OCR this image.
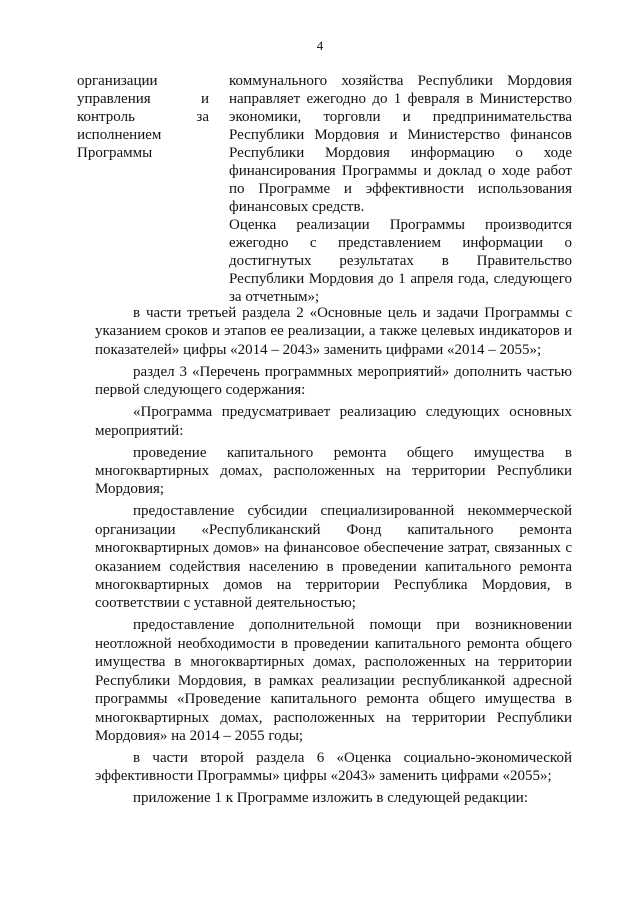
4
организации
управления	и
контроль	за
исполнением
Программы

коммунального хозяйства Республики Мордовия направляет ежегодно до 1 февраля в Министерство экономики, торговли и предпринимательства Республики Мордовия и Министерство финансов Республики Мордовия информацию о ходе финансирования Программы и доклад о ходе работ по Программе и эффективности использования финансовых средств.

Оценка реализации Программы производится ежегодно с представлением информации о достигнутых результатах в Правительство Республики Мордовия до 1 апреля года, следующего за отчетным»;

в части третьей раздела 2 «Основные цель и задачи Программы с указанием сроков и этапов ее реализации, а также целевых индикаторов и показателей» цифры «2014 – 2043» заменить цифрами «2014 – 2055»;

раздел 3 «Перечень программных мероприятий» дополнить частью первой следующего содержания:

«Программа предусматривает реализацию следующих основных мероприятий:

проведение капитального ремонта общего имущества в многоквартирных домах, расположенных на территории Республики Мордовия;

предоставление субсидии специализированной некоммерческой организации «Республиканский Фонд капитального ремонта многоквартирных домов» на финансовое обеспечение затрат, связанных с оказанием содействия населению в проведении капитального ремонта многоквартирных домов на территории Республика Мордовия, в соответствии с уставной деятельностью;

предоставление дополнительной помощи при возникновении неотложной необходимости в проведении капитального ремонта общего имущества в многоквартирных домах, расположенных на территории Республики Мордовия, в рамках реализации республиканкой адресной программы «Проведение капитального ремонта общего имущества в многоквартирных домах, расположенных на территории Республики Мордовия» на 2014 – 2055 годы;

в части второй раздела 6 «Оценка социально-экономической эффективности Программы» цифры «2043» заменить цифрами «2055»;

приложение 1 к Программе изложить в следующей редакции:
